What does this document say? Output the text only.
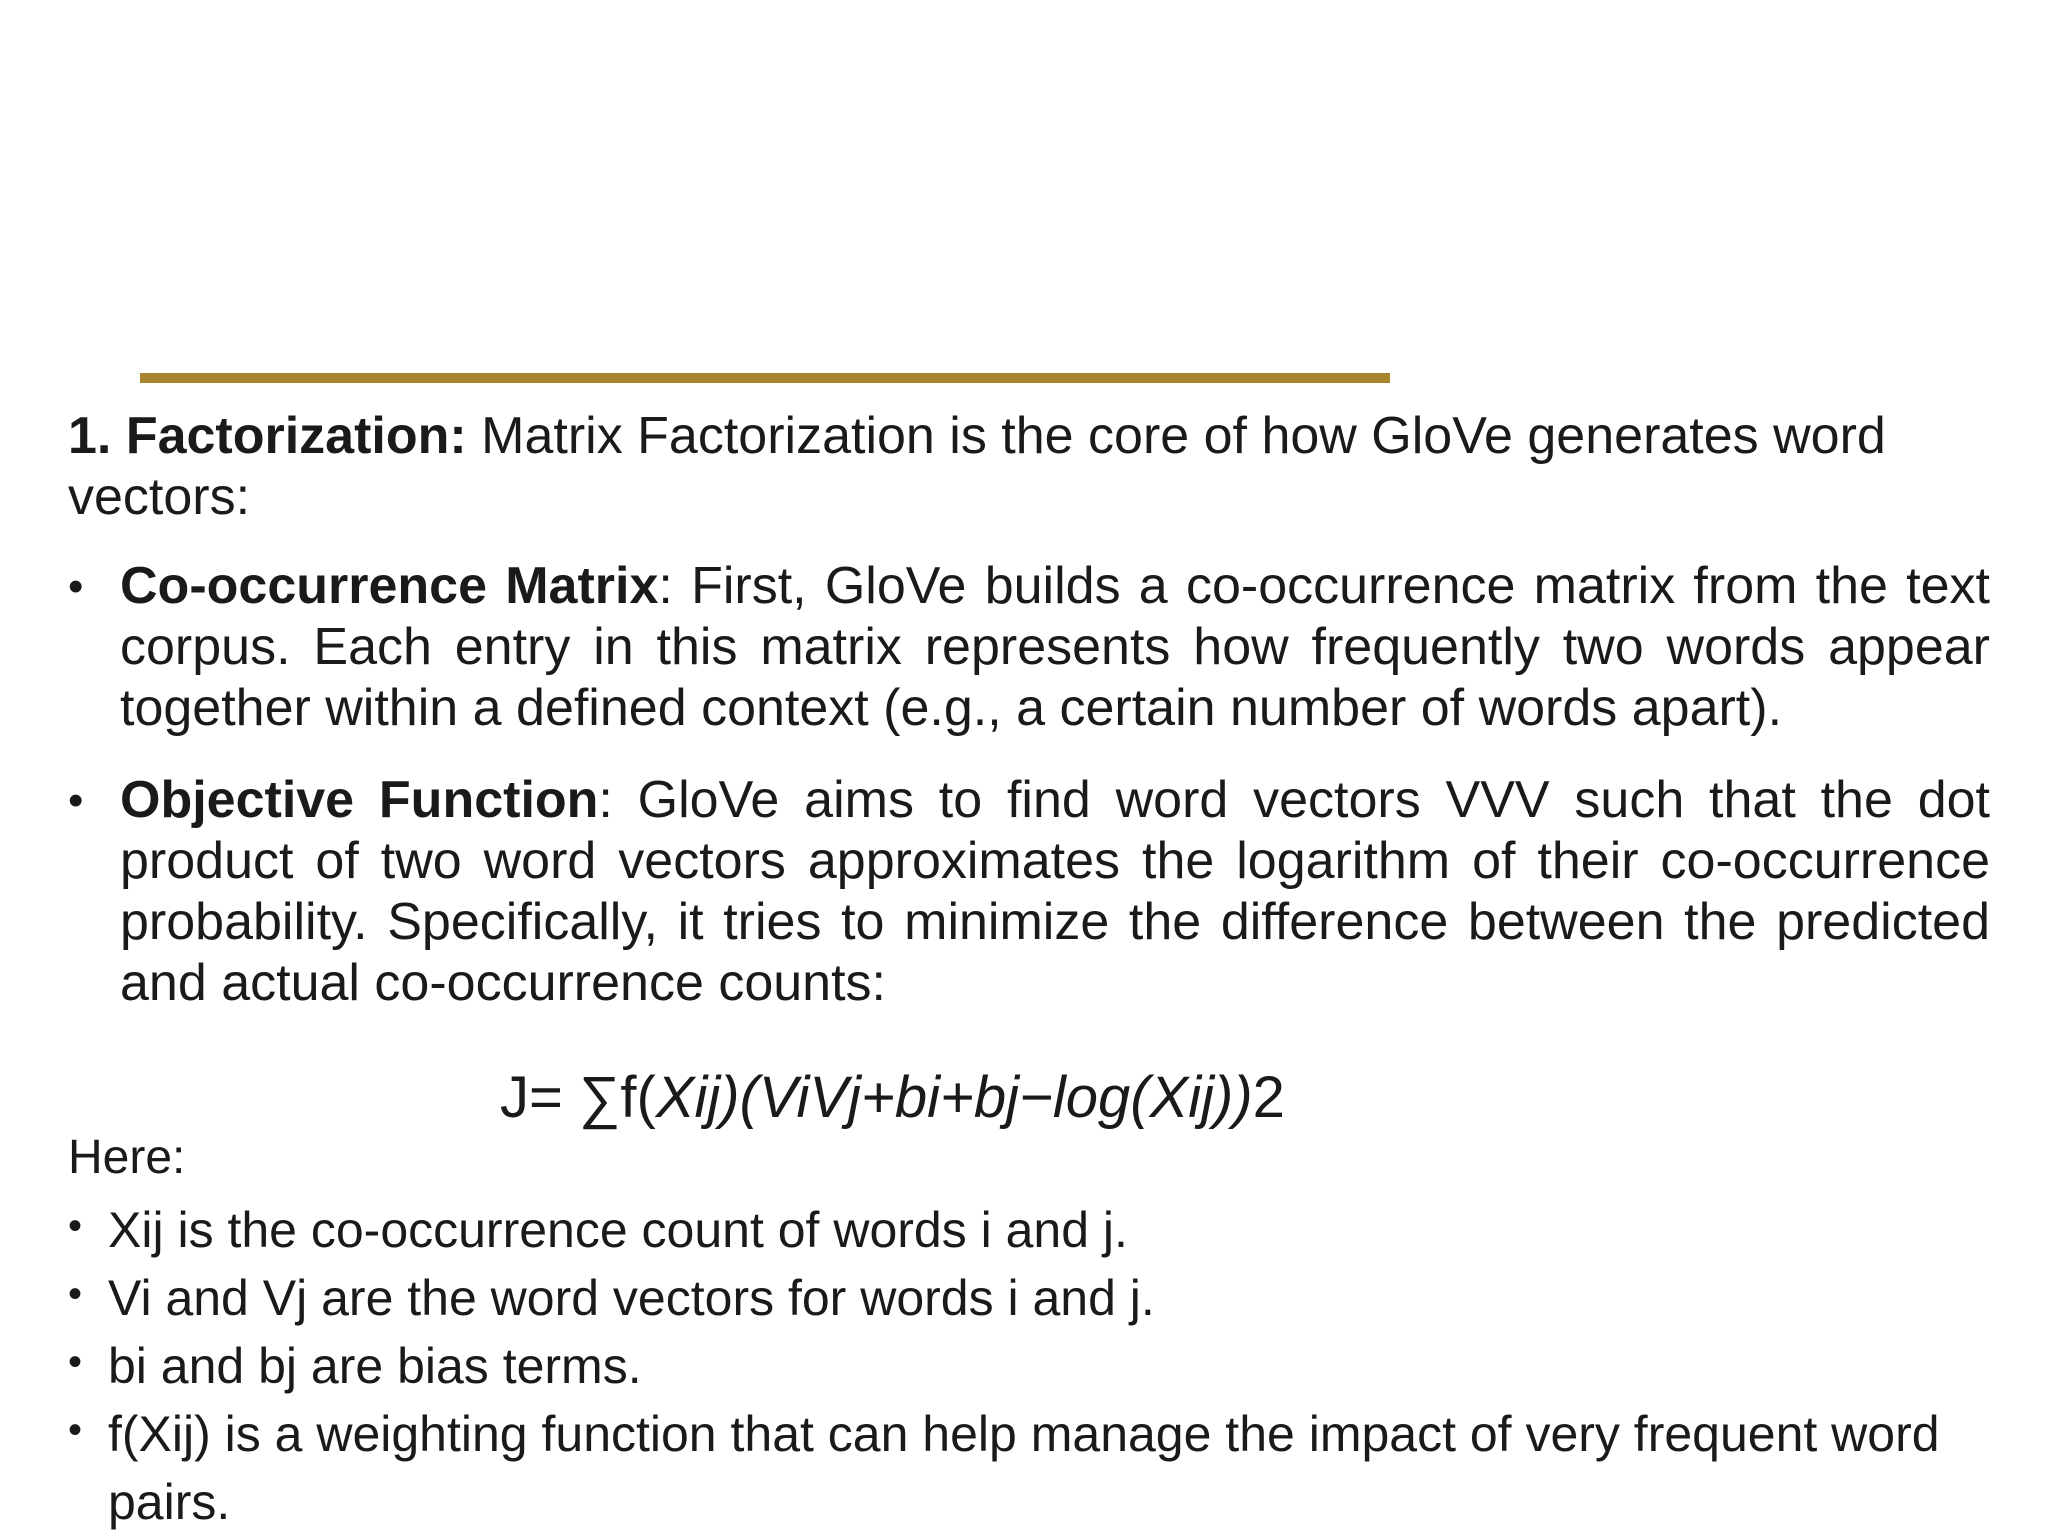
1. Factorization: Matrix Factorization is the core of how GloVe generates word vectors:
• Co-occurrence Matrix: First, GloVe builds a co-occurrence matrix from the text corpus. Each entry in this matrix represents how frequently two words appear together within a defined context (e.g., a certain number of words apart).
• Objective Function: GloVe aims to find word vectors VVV such that the dot product of two word vectors approximates the logarithm of their co-occurrence probability. Specifically, it tries to minimize the difference between the predicted and actual co-occurrence counts:
J= ∑f(Xij)(ViVj+bi+bj−log(Xij))2
Here:
• Xij is the co-occurrence count of words i and j.
• Vi and Vj are the word vectors for words i and j.
• bi and bj are bias terms.
• f(Xij) is a weighting function that can help manage the impact of very frequent word pairs.
